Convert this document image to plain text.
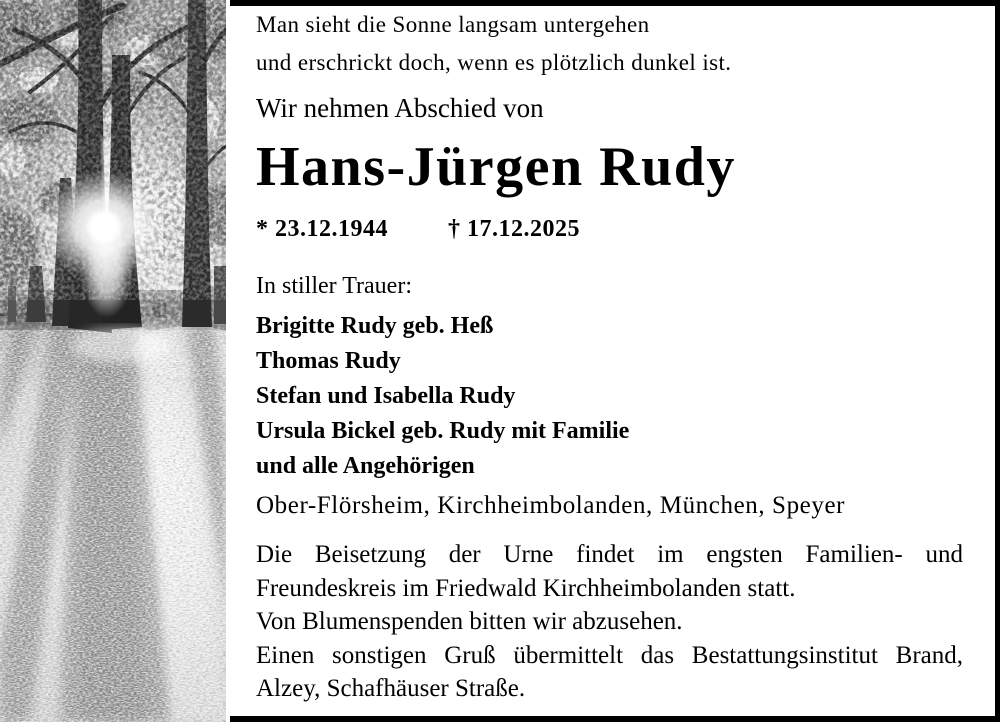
Man sieht die Sonne langsam untergehen
und erschrickt doch, wenn es plötzlich dunkel ist.
Wir nehmen Abschied von
Hans-Jürgen Rudy
* 23.12.1944	† 17.12.2025
In stiller Trauer:
Brigitte Rudy geb. Heß
Thomas Rudy
Stefan und Isabella Rudy
Ursula Bickel geb. Rudy mit Familie
und alle Angehörigen
Ober-Flörsheim, Kirchheimbolanden, München, Speyer
Die Beisetzung der Urne findet im engsten Familien- und
Freundeskreis im Friedwald Kirchheimbolanden statt.
Von Blumenspenden bitten wir abzusehen.
Einen sonstigen Gruß übermittelt das Bestattungsinstitut Brand,
Alzey, Schafhäuser Straße.
